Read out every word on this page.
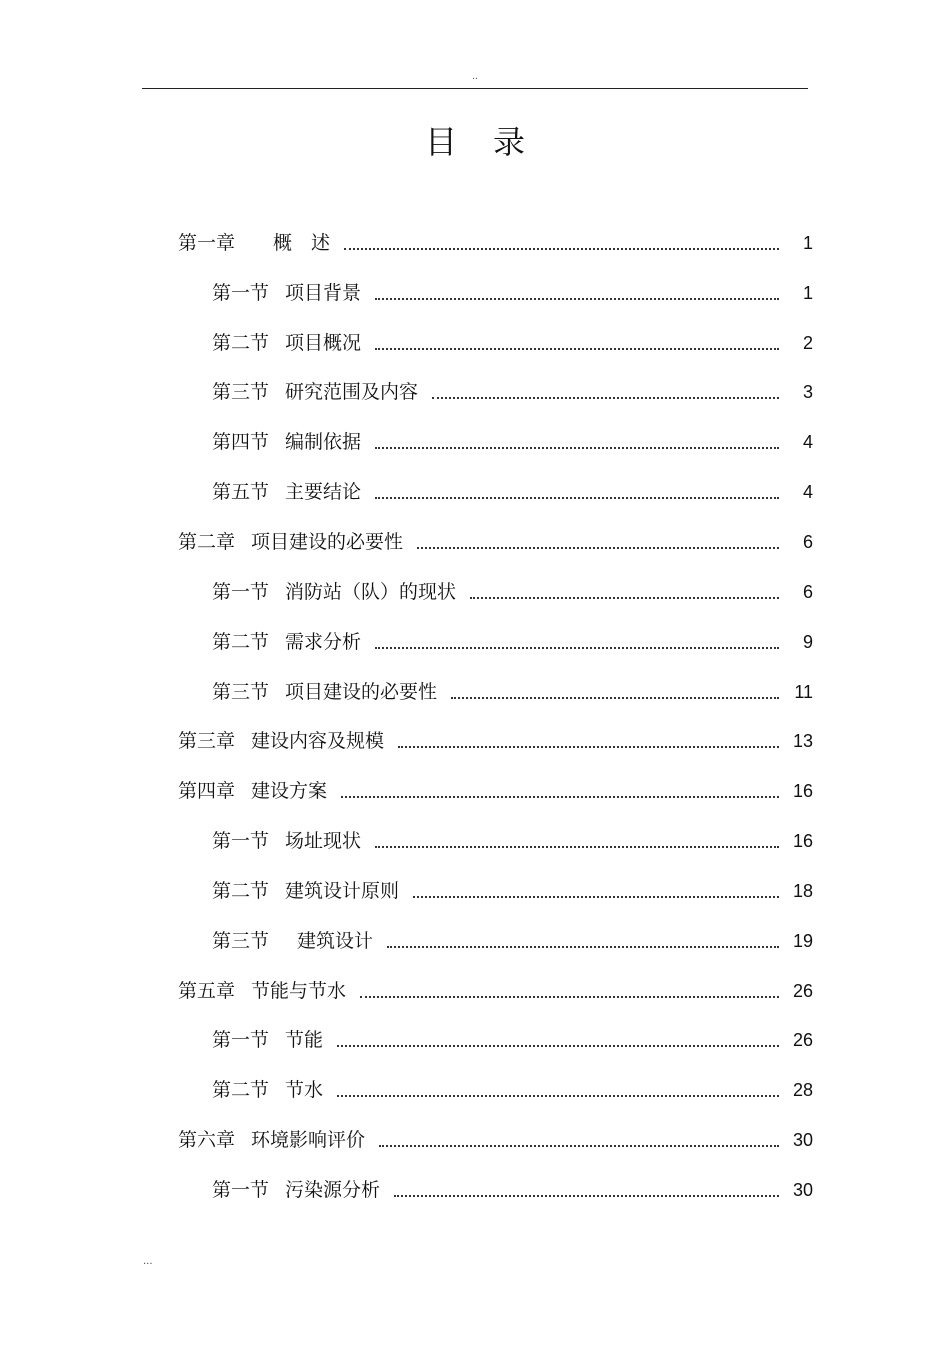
..
目录
第一章 概　述	1
第一节 项目背景	1
第二节 项目概况	2
第三节 研究范围及内容	3
第四节 编制依据	4
第五节 主要结论	4
第二章 项目建设的必要性	6
第一节 消防站（队）的现状	6
第二节 需求分析	9
第三节 项目建设的必要性	11
第三章 建设内容及规模	13
第四章 建设方案	16
第一节 场址现状	16
第二节 建筑设计原则	18
第三节 建筑设计	19
第五章 节能与节水	26
第一节 节能	26
第二节 节水	28
第六章 环境影响评价	30
第一节 污染源分析	30
...
